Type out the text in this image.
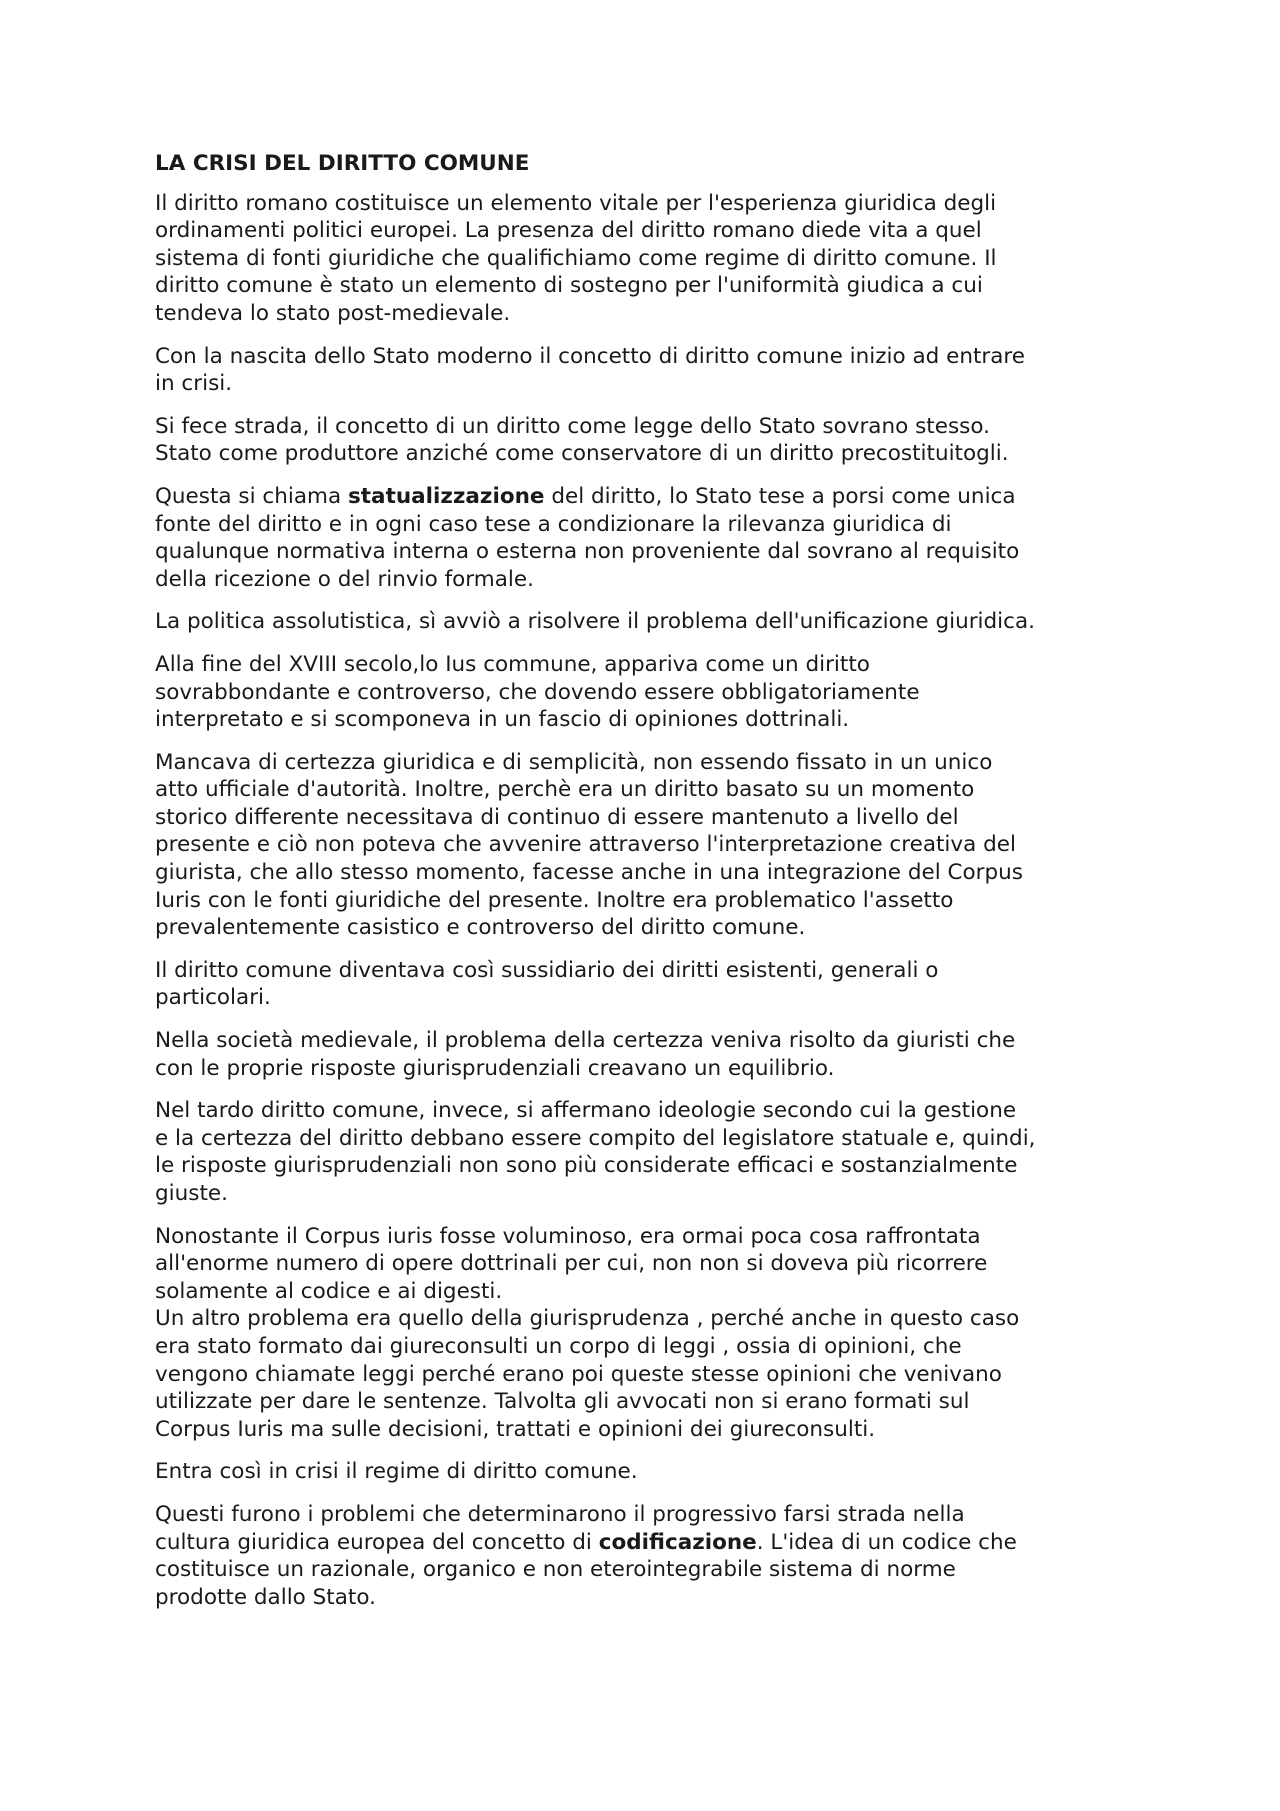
LA CRISI DEL DIRITTO COMUNE
Il diritto romano costituisce un elemento vitale per l'esperienza giuridica degli
ordinamenti politici europei. La presenza del diritto romano diede vita a quel
sistema di fonti giuridiche che qualifichiamo come regime di diritto comune. Il
diritto comune è stato un elemento di sostegno per l'uniformità giudica a cui
tendeva lo stato post-medievale.
Con la nascita dello Stato moderno il concetto di diritto comune inizio ad entrare
in crisi.
Si fece strada, il concetto di un diritto come legge dello Stato sovrano stesso.
Stato come produttore anziché come conservatore di un diritto precostituitogli.
Questa si chiama statualizzazione del diritto, lo Stato tese a porsi come unica
fonte del diritto e in ogni caso tese a condizionare la rilevanza giuridica di
qualunque normativa interna o esterna non proveniente dal sovrano al requisito
della ricezione o del rinvio formale.
La politica assolutistica, sì avviò a risolvere il problema dell'unificazione giuridica.
Alla fine del XVIII secolo,lo Ius commune, appariva come un diritto
sovrabbondante e controverso, che dovendo essere obbligatoriamente
interpretato e si scomponeva in un fascio di opiniones dottrinali.
Mancava di certezza giuridica e di semplicità, non essendo fissato in un unico
atto ufficiale d'autorità. Inoltre, perchè era un diritto basato su un momento
storico differente necessitava di continuo di essere mantenuto a livello del
presente e ciò non poteva che avvenire attraverso l'interpretazione creativa del
giurista, che allo stesso momento, facesse anche in una integrazione del Corpus
Iuris con le fonti giuridiche del presente. Inoltre era problematico l'assetto
prevalentemente casistico e controverso del diritto comune.
Il diritto comune diventava così sussidiario dei diritti esistenti, generali o
particolari.
Nella società medievale, il problema della certezza veniva risolto da giuristi che
con le proprie risposte giurisprudenziali creavano un equilibrio.
Nel tardo diritto comune, invece, si affermano ideologie secondo cui la gestione
e la certezza del diritto debbano essere compito del legislatore statuale e, quindi,
le risposte giurisprudenziali non sono più considerate efficaci e sostanzialmente
giuste.
Nonostante il Corpus iuris fosse voluminoso, era ormai poca cosa raffrontata
all'enorme numero di opere dottrinali per cui, non non si doveva più ricorrere
solamente al codice e ai digesti.
Un altro problema era quello della giurisprudenza , perché anche in questo caso
era stato formato dai giureconsulti un corpo di leggi , ossia di opinioni, che
vengono chiamate leggi perché erano poi queste stesse opinioni che venivano
utilizzate per dare le sentenze. Talvolta gli avvocati non si erano formati sul
Corpus Iuris ma sulle decisioni, trattati e opinioni dei giureconsulti.
Entra così in crisi il regime di diritto comune.
Questi furono i problemi che determinarono il progressivo farsi strada nella
cultura giuridica europea del concetto di codificazione. L'idea di un codice che
costituisce un razionale, organico e non eterointegrabile sistema di norme
prodotte dallo Stato.
